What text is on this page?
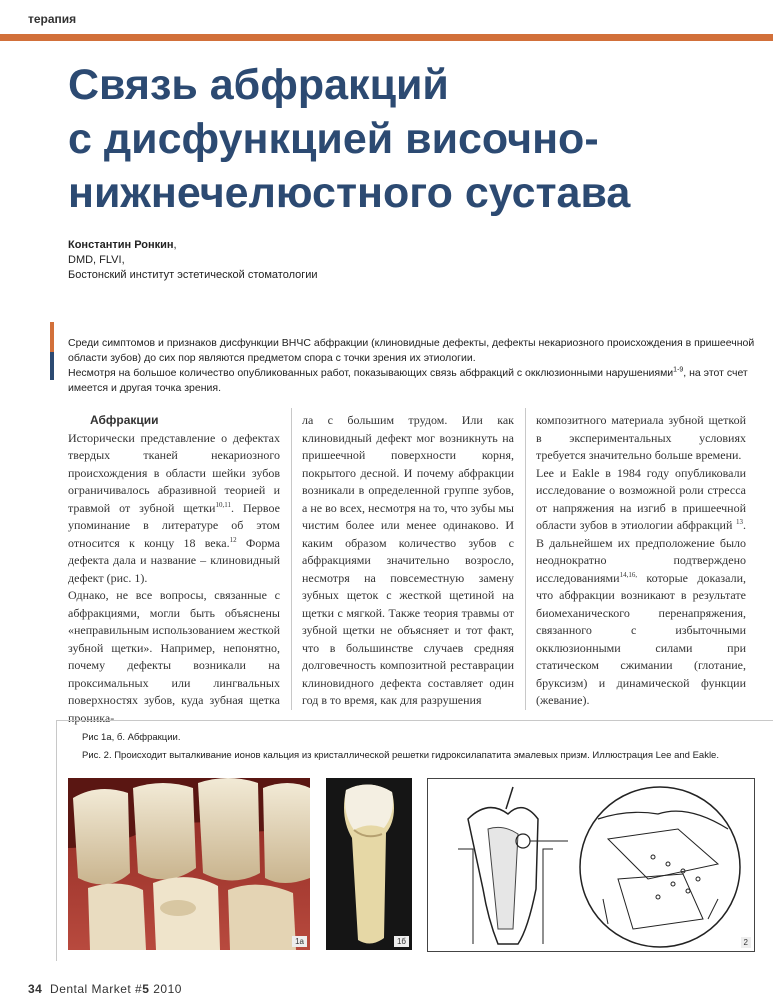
терапия
Связь абфракций
с дисфункцией височно-
нижнечелюстного сустава
Константин Ронкин,
DMD, FLVI,
Бостонский институт эстетической стоматологии

Среди симптомов и признаков дисфункции ВНЧС абфракции (клиновидные дефекты, дефекты некариозного происхождения в пришеечной области зубов) до сих пор являются предметом спора с точки зрения их этиологии.

Несмотря на большое количество опубликованных работ, показывающих связь абфракций с окклюзионными нарушениями$^{1-9}$, на этот счет имеется и другая точка зрения.

Абфракции

Исторически представление о дефектах твердых тканей некариозного происхождения в области шейки зубов ограничивалось абразивной теорией и травмой от зубной щетки$^{10,11}$. Первое упоминание в литературе об этом относится к концу 18 века.$^{12}$ Форма дефекта дала и название – клиновидный дефект (рис. 1).

Однако, не все вопросы, связанные с абфракциями, могли быть объяснены «неправильным использованием жесткой зубной щетки». Например, непонятно, почему дефекты возникали на проксимальных или лингвальных поверхностях зубов, куда зубная щетка проника-

ла с большим трудом. Или как клиновидный дефект мог возникнуть на пришеечной поверхности корня, покрытого десной. И почему абфракции возникали в определенной группе зубов, а не во всех, несмотря на то, что зубы мы чистим более или менее одинаково. И каким образом количество зубов с абфракциями значительно возросло, несмотря на повсеместную замену зубных щеток с жесткой щетиной на щетки с мягкой. Также теория травмы от зубной щетки не объясняет и тот факт, что в большинстве случаев средняя долговечность композитной реставрации клиновидного дефекта составляет один год в то время, как для разрушения

композитного материала зубной щеткой в экспериментальных условиях требуется значительно больше времени.

Lee и Eakle в 1984 году опубликовали исследование о возможной роли стресса от напряжения на изгиб в пришеечной области зубов в этиологии абфракций $^{13}$. В дальнейшем их предположение было неоднократно подтверждено исследованиями$^{14,16,}$ которые доказали, что абфракции возникают в результате биомеханического перенапряжения, связанного с избыточными окклюзионными силами при статическом сжимании (глотание, бруксизм) и динамической функции (жевание).

Рис 1а, б. Абфракции.
Рис. 2. Происходит выталкивание ионов кальция из кристаллической решетки гидроксилапатита эмалевых призм. Иллюстрация Lee and Eakle.
1а	1б	2
34 Dental Market #5 2010
